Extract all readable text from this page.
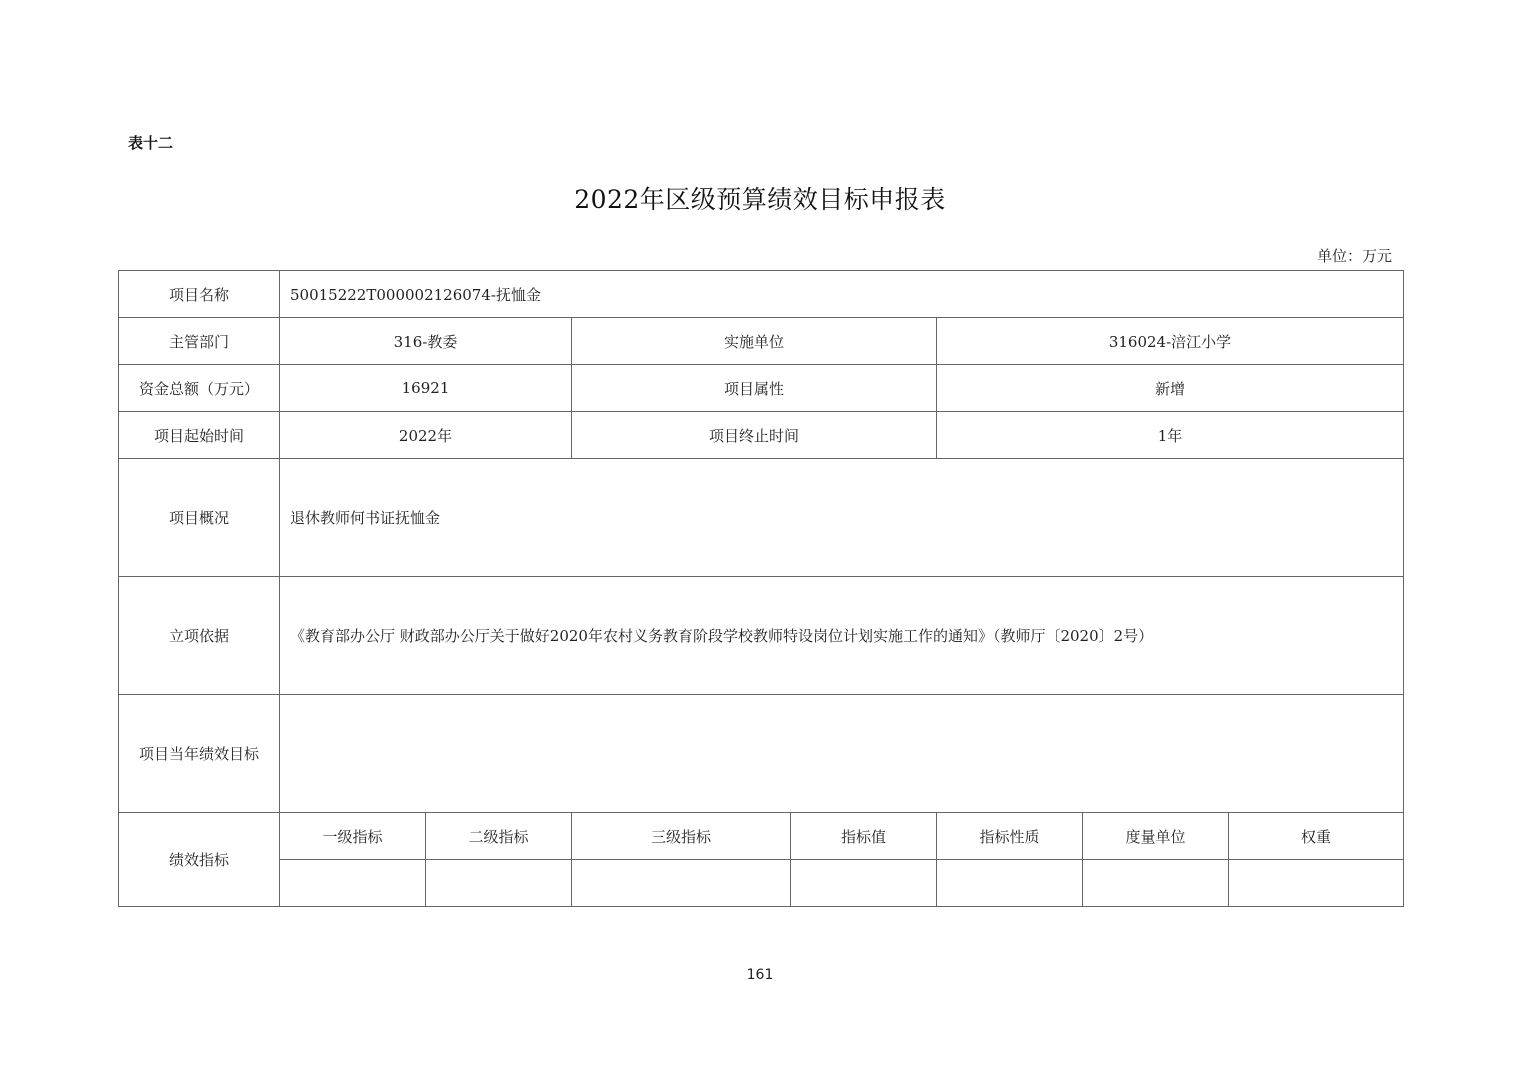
表十二
2022年区级预算绩效目标申报表
单位：万元
项目名称	50015222T000002126074-抚恤金						
主管部门	316-教委		实施单位		316024-涪江小学		
资金总额（万元）	16921		项目属性		新增		
项目起始时间	2022年		项目终止时间		1年		
项目概况	退休教师何书证抚恤金						
立项依据	《教育部办公厅 财政部办公厅关于做好2020年农村义务教育阶段学校教师特设岗位计划实施工作的通知》（教师厅〔2020〕2号）						
项目当年绩效目标							
绩效指标	一级指标	二级指标	三级指标	指标值	指标性质	度量单位	权重

161
